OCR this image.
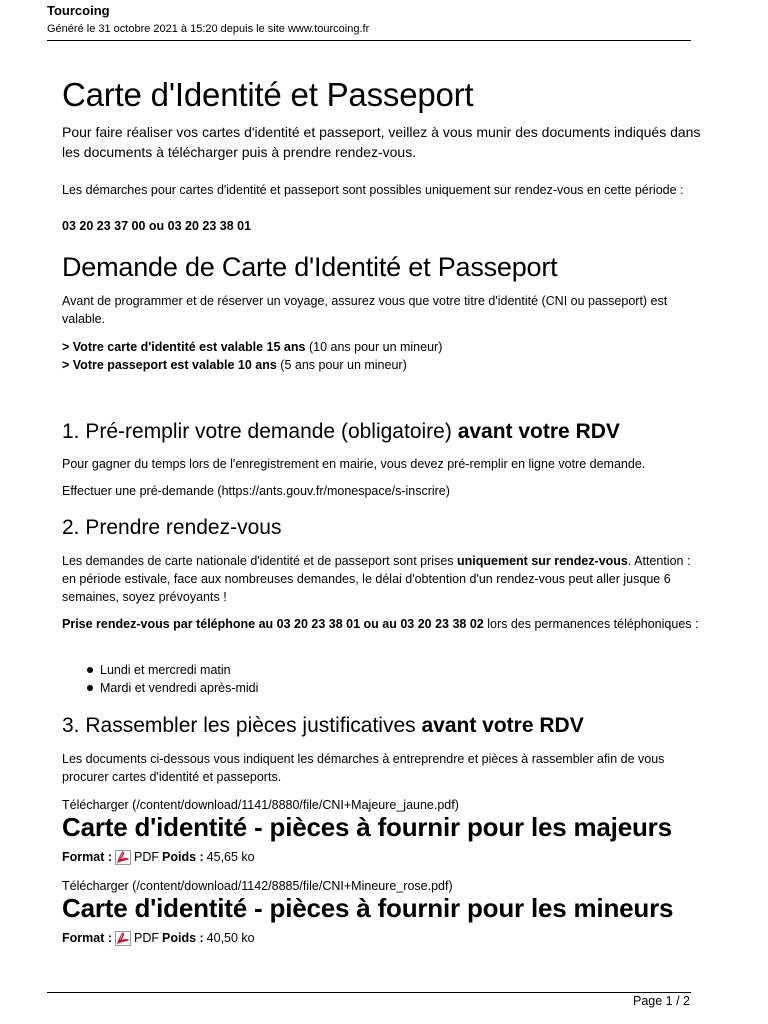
Tourcoing
Généré le 31 octobre 2021 à 15:20 depuis le site www.tourcoing.fr
Carte d'Identité et Passeport
Pour faire réaliser vos cartes d'identité et passeport, veillez à vous munir des documents indiqués dans les documents à télécharger puis à prendre rendez-vous.
Les démarches pour cartes d'identité et passeport sont possibles uniquement sur rendez-vous en cette période :
03 20 23 37 00 ou 03 20 23 38 01
Demande de Carte d'Identité et Passeport
Avant de programmer et de réserver un voyage, assurez vous que votre titre d'identité (CNI ou passeport) est valable.
> Votre carte d'identité est valable 15 ans (10 ans pour un mineur)
> Votre passeport est valable 10 ans (5 ans pour un mineur)
1. Pré-remplir votre demande (obligatoire) avant votre RDV
Pour gagner du temps lors de l'enregistrement en mairie, vous devez pré-remplir en ligne votre demande.
Effectuer une pré-demande (https://ants.gouv.fr/monespace/s-inscrire)
2. Prendre rendez-vous
Les demandes de carte nationale d'identité et de passeport sont prises uniquement sur rendez-vous. Attention : en période estivale, face aux nombreuses demandes, le délai d'obtention d'un rendez-vous peut aller jusque 6 semaines, soyez prévoyants !
Prise rendez-vous par téléphone au 03 20 23 38 01 ou au 03 20 23 38 02 lors des permanences téléphoniques :
Lundi et mercredi matin
Mardi et vendredi après-midi
3. Rassembler les pièces justificatives avant votre RDV
Les documents ci-dessous vous indiquent les démarches à entreprendre et pièces à rassembler afin de vous procurer cartes d'identité et passeports.
Télécharger (/content/download/1141/8880/file/CNI+Majeure_jaune.pdf)
Carte d'identité - pièces à fournir pour les majeurs
Format : PDF Poids : 45,65 ko
Télécharger (/content/download/1142/8885/file/CNI+Mineure_rose.pdf)
Carte d'identité - pièces à fournir pour les mineurs
Format : PDF Poids : 40,50 ko
Page 1 / 2
